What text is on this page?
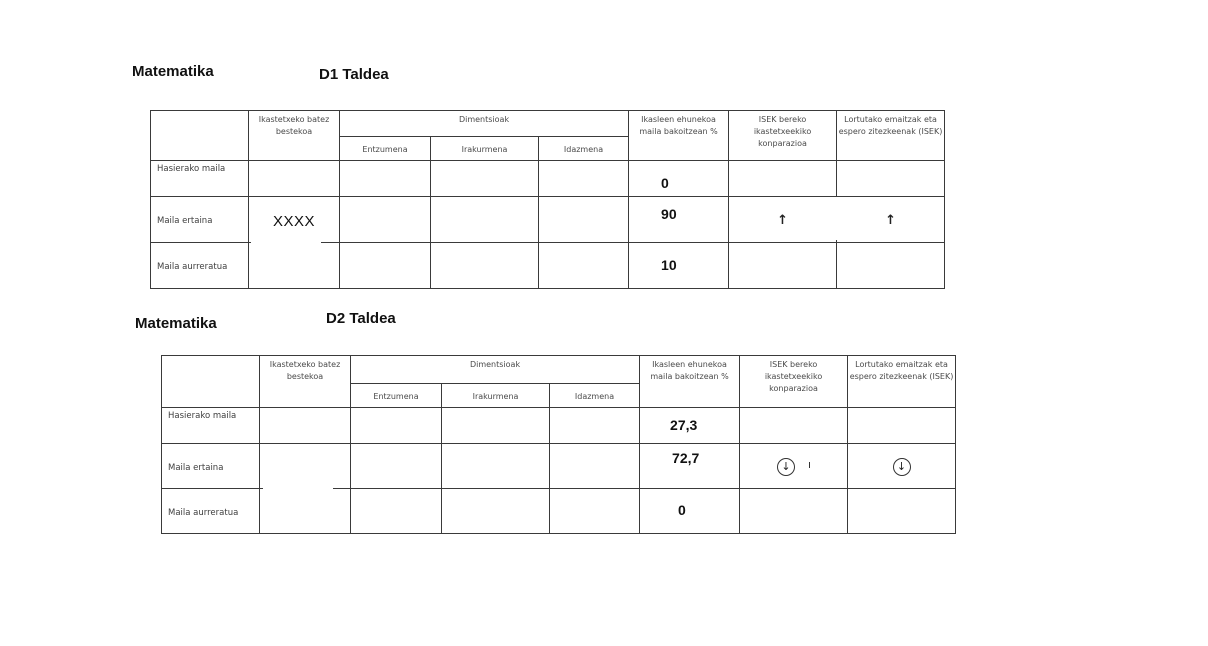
Matematika	D1 Taldea
	Ikastetxeko batez bestekoa	Dimentsioak			Ikasleen ehunekoa maila bakoitzean %	ISEK bereko ikastetxeekiko konparazioa	Lortutako emaitzak eta espero zitezkeenak (ISEK)
		Entzumena	Irakurmena	Idazmena			
Hasierako maila					0		
Maila ertaina	XXXX				90	↑	↑
Maila aurreratua					10		
Matematika	D2 Taldea
	Ikastetxeko batez bestekoa	Dimentsioak			Ikasleen ehunekoa maila bakoitzean %	ISEK bereko ikastetxeekiko konparazioa	Lortutako emaitzak eta espero zitezkeenak (ISEK)
		Entzumena	Irakurmena	Idazmena			
Hasierako maila					27,3		
Maila ertaina					72,7	↓	↓
Maila aurreratua					0		
